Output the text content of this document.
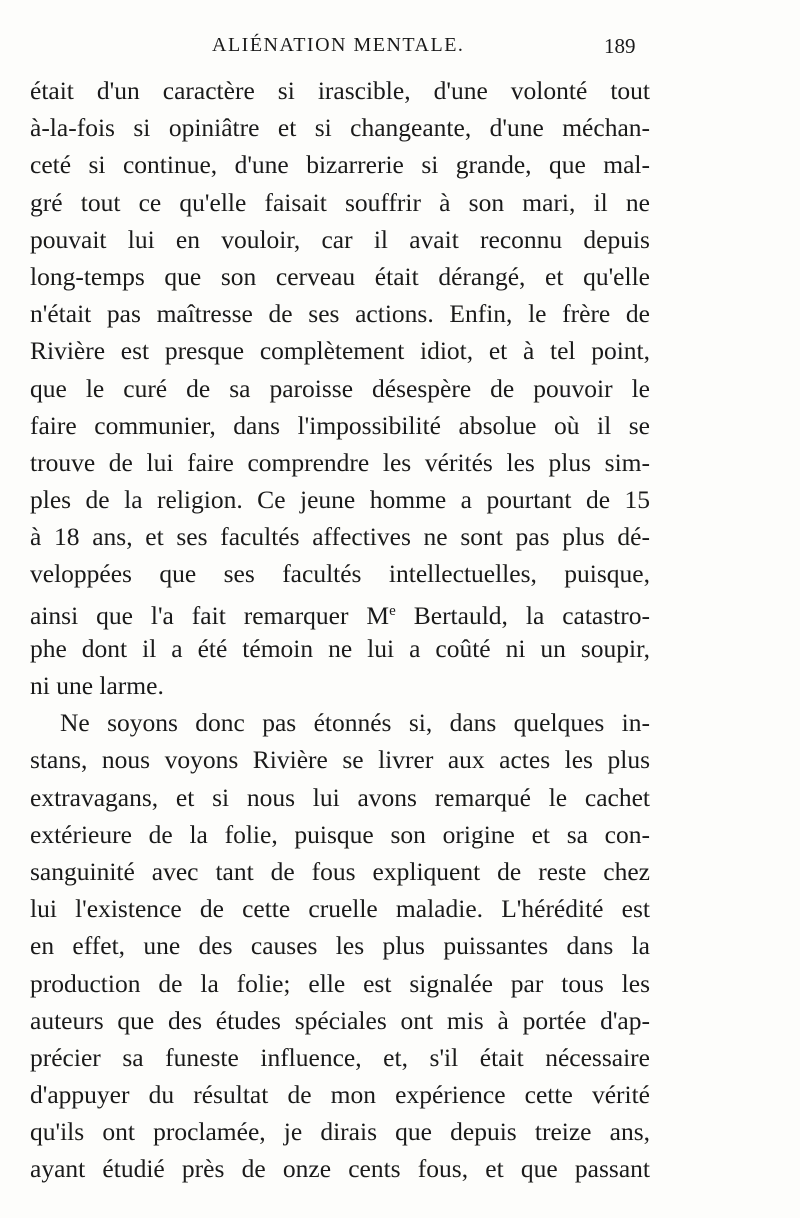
ALIÉNATION MENTALE.	189
était d'un caractère si irascible, d'une volonté tout
à-la-fois si opiniâtre et si changeante, d'une méchan-
ceté si continue, d'une bizarrerie si grande, que mal-
gré tout ce qu'elle faisait souffrir à son mari, il ne
pouvait lui en vouloir, car il avait reconnu depuis
long-temps que son cerveau était dérangé, et qu'elle
n'était pas maîtresse de ses actions. Enfin, le frère de
Rivière est presque complètement idiot, et à tel point,
que le curé de sa paroisse désespère de pouvoir le
faire communier, dans l'impossibilité absolue où il se
trouve de lui faire comprendre les vérités les plus sim-
ples de la religion. Ce jeune homme a pourtant de 15
à 18 ans, et ses facultés affectives ne sont pas plus dé-
veloppées que ses facultés intellectuelles, puisque,
ainsi que l'a fait remarquer Me Bertauld, la catastro-
phe dont il a été témoin ne lui a coûté ni un soupir,
ni une larme.
Ne soyons donc pas étonnés si, dans quelques in-
stans, nous voyons Rivière se livrer aux actes les plus
extravagans, et si nous lui avons remarqué le cachet
extérieure de la folie, puisque son origine et sa con-
sanguinité avec tant de fous expliquent de reste chez
lui l'existence de cette cruelle maladie. L'hérédité est
en effet, une des causes les plus puissantes dans la
production de la folie; elle est signalée par tous les
auteurs que des études spéciales ont mis à portée d'ap-
précier sa funeste influence, et, s'il était nécessaire
d'appuyer du résultat de mon expérience cette vérité
qu'ils ont proclamée, je dirais que depuis treize ans,
ayant étudié près de onze cents fous, et que passant
